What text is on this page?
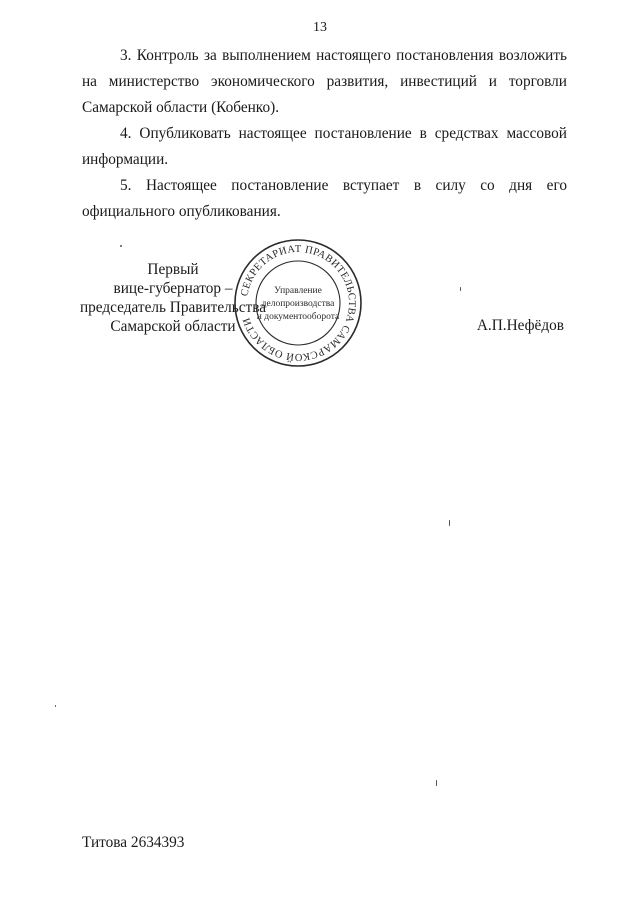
13

3. Контроль за выполнением настоящего постановления возложить на министерство экономического развития, инвестиций и торговли Самарской области (Кобенко).

4. Опубликовать настоящее постановление в средствах массовой информации.

5. Настоящее постановление вступает в силу со дня его официального опубликования.

Первый
вице-губернатор –
председатель Правительства
Самарской области
СЕКРЕТАРИАТ ПРАВИТЕЛЬСТВА САМАРСКОЙ ОБЛАСТИ
Управление
делопроизводства
и документооборота	А.П.Нефёдов
Титова 2634393
